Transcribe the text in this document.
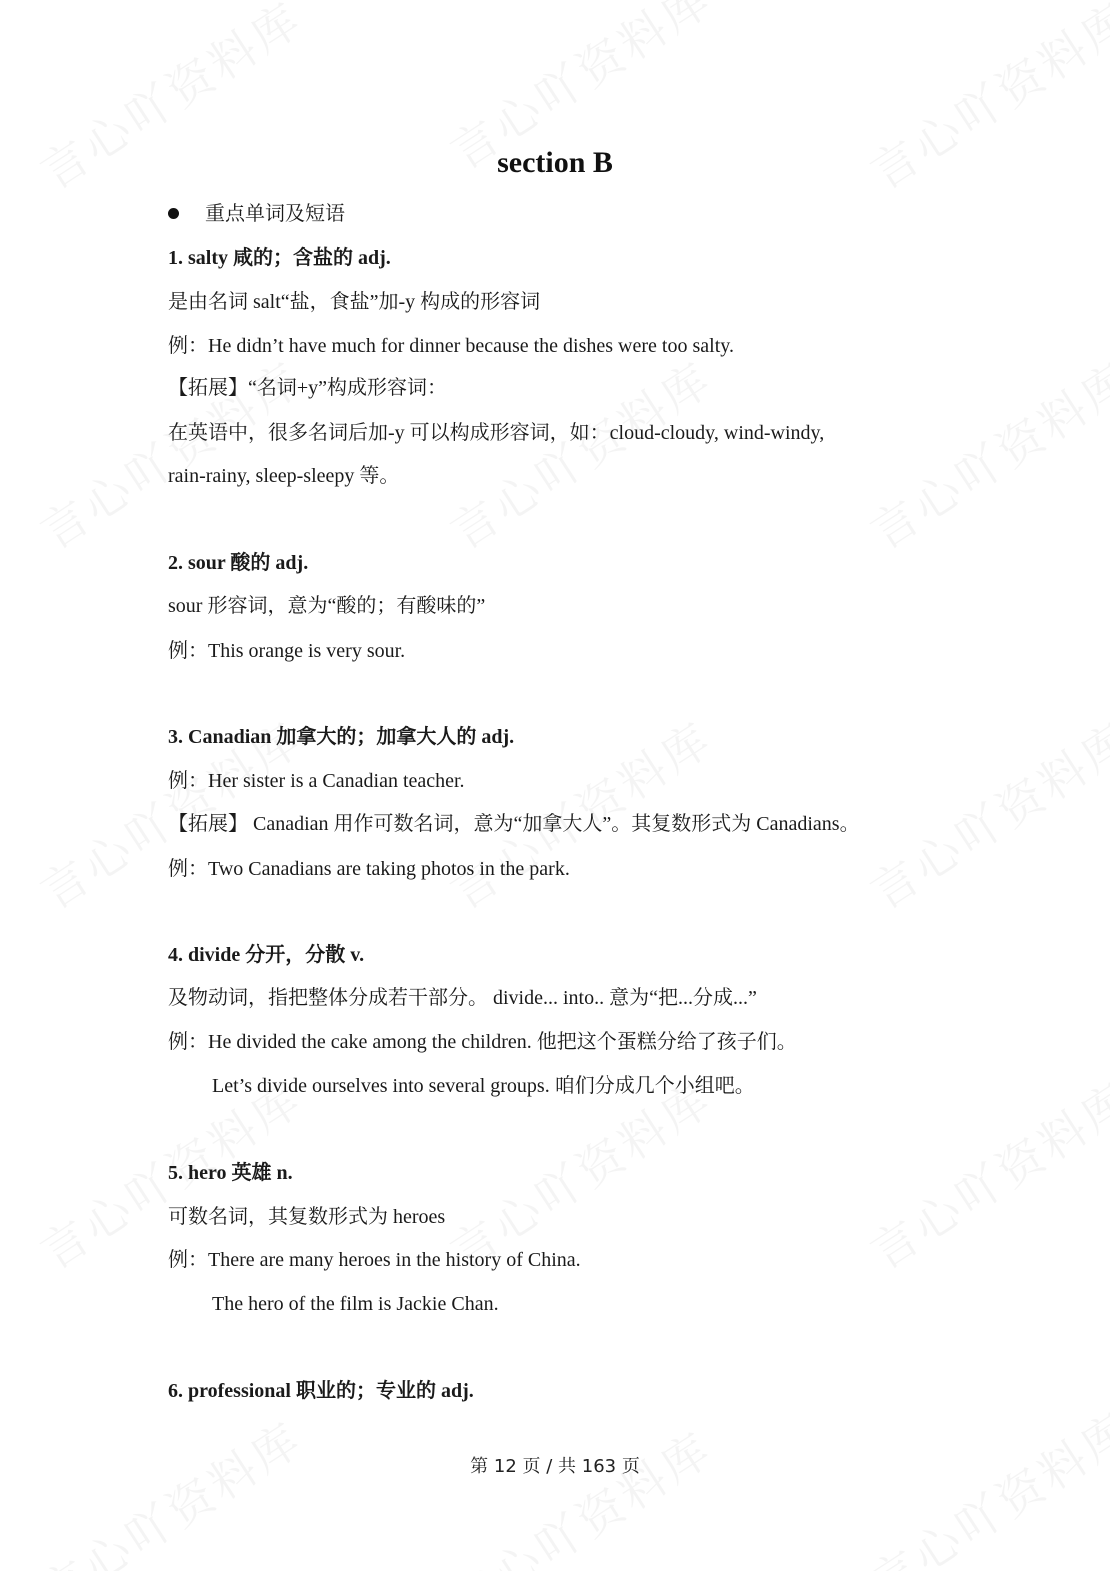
section B
重点单词及短语
1. salty 咸的；含盐的 adj.
是由名词 salt“盐，食盐”加-y 构成的形容词
例：He didn’t have much for dinner because the dishes were too salty.
【拓展】“名词+y”构成形容词：
在英语中，很多名词后加-y 可以构成形容词，如：cloud-cloudy, wind-windy,
rain-rainy, sleep-sleepy 等。
2. sour 酸的 adj.
sour 形容词，意为“酸的；有酸味的”
例：This orange is very sour.
3. Canadian 加拿大的；加拿大人的 adj.
例：Her sister is a Canadian teacher.
【拓展】 Canadian 用作可数名词，意为“加拿大人”。其复数形式为 Canadians。
例：Two Canadians are taking photos in the park.
4. divide 分开，分散 v.
及物动词，指把整体分成若干部分。 divide... into.. 意为“把...分成...”
例：He divided the cake among the children. 他把这个蛋糕分给了孩子们。
Let’s divide ourselves into several groups. 咱们分成几个小组吧。
5. hero 英雄 n.
可数名词，其复数形式为 heroes
例：There are many heroes in the history of China.
The hero of the film is Jackie Chan.
6. professional 职业的；专业的 adj.
第 12 页 / 共 163 页
